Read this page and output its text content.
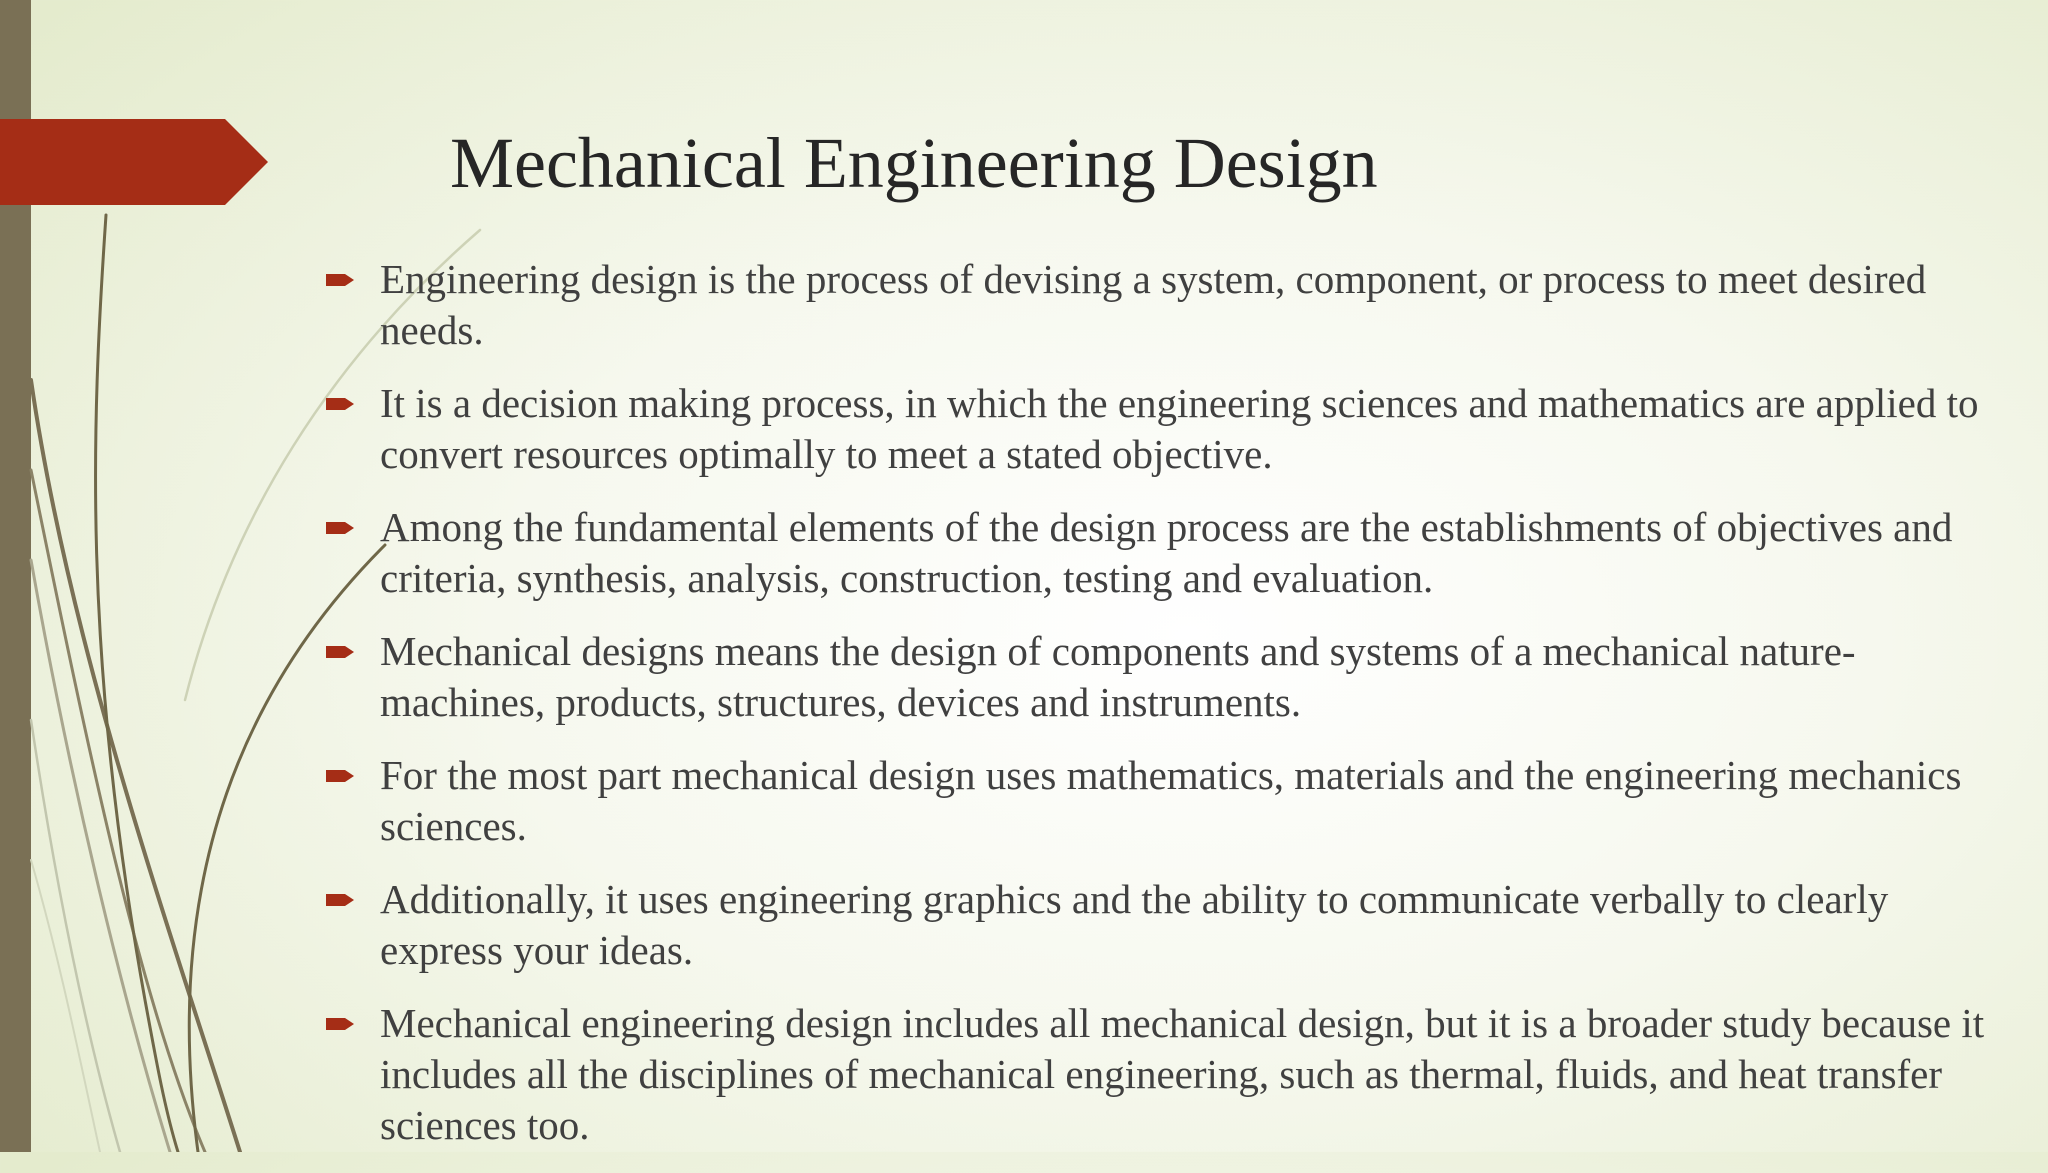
Mechanical Engineering Design
Engineering design is the process of devising a system, component, or process to meet desired needs.
It is a decision making process, in which the engineering sciences and mathematics are applied to convert resources optimally to meet a stated objective.
Among the fundamental elements of the design process are the establishments of objectives and criteria, synthesis, analysis, construction, testing and evaluation.
Mechanical designs means the design of components and systems of a mechanical nature- machines, products, structures, devices and instruments.
For the most part mechanical design uses mathematics, materials and the engineering mechanics sciences.
Additionally, it uses engineering graphics and the ability to communicate verbally to clearly express your ideas.
Mechanical engineering design includes all mechanical design, but it is a broader study because it includes all the disciplines of mechanical engineering, such as thermal, fluids, and heat transfer sciences too.
